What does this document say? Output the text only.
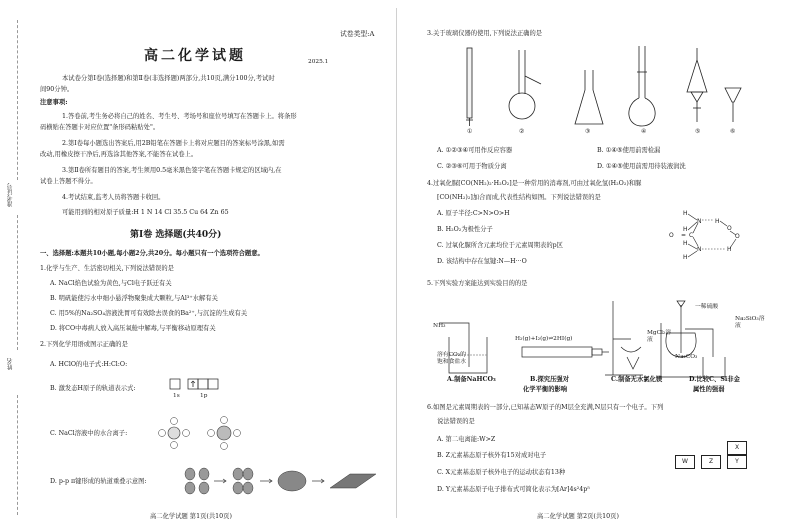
准考证号
姓名
试卷类型:A
高二化学试题	2025.1
本试卷分第Ⅰ卷(选择题)和第Ⅱ卷(非选择题)两部分,共10页,满分100分,考试时
间90分钟。
注意事项:
1.答卷前,考生务必将自己的姓名、考生号、考场号和座位号填写在答题卡上。将条形
码横贴在答题卡对应位置"条形码粘贴处"。
2.第Ⅰ卷每小题选出答案后,用2B铅笔在答题卡上将对应题目的答案标号涂黑,如需
改动,用橡皮擦干净后,再选涂其他答案,不能答在试卷上。
3.第Ⅱ卷所有题目的答案,考生须用0.5毫米黑色签字笔在答题卡规定的区域内,在
试卷上答题不得分。
4.考试结束,监考人员将答题卡收回。
可能用到的相对原子质量:H 1 N 14 Cl 35.5 Cu 64 Zn 65
第Ⅰ卷 选择题(共40分)
一、选择题:本题共10小题,每小题2分,共20分。每小题只有一个选项符合题意。
1.化学与生产、生活密切相关,下列说法错误的是
A. NaCl焰色试验为黄色,与Cl电子跃迁有关
B. 明矾能使污水中细小悬浮物聚集成大颗粒,与Al³⁺水解有关
C. 用5%的Na₂SO₄溶液洗胃可有效除去误食的Ba²⁺,与沉淀的生成有关
D. 将CO中毒病人放入高压氧舱中解毒,与平衡移动原理有关
2.下列化学用语或图示正确的是
A. HClO的电子式:H:Cl:O:
B. 激发态H原子的轨道表示式:
1s	1p
C. NaCl溶液中的水合离子:
D. p-p π键形成的轨道重叠示意图:
高二化学试题 第1页(共10页)
3.关于玻璃仪器的使用,下列说法正确的是
①	②	③	④	⑤	⑥
A. ①②③④可用作反应容器	B. ①④⑤使用前需检漏
C. ②③⑥可用于物质分离	D. ①④⑤使用前需用待装液润洗
4.过氧化脲[CO(NH₂)₂·H₂O₂]是一种常用的消毒剂,可由过氧化氢(H₂O₂)和脲
[CO(NH₂)₂]加合而成,代表性结构如图。下列说法错误的是
A. 原子半径:C>N>O>H
B. H₂O₂为极性分子
C. 过氧化脲所含元素均位于元素周期表的p区
D. 该结构中存在氢键:N—H···O
H
N
H
O = C
H
N
H
H
O
O
H
5.下列实验方案能达到实验目的的是
NH₃
溶有CO₂的饱和食盐水
H₂(g)+I₂(g)⇌2HI(g)
MgCl₂溶液
一稀硫酸
Na₂CO₃
Na₂SiO₃溶液
A.制备NaHCO₃	B.探究压强对
化学平衡的影响
C.制备无水氯化镁	D.比较C、Si非金
属性的强弱
6.如图是元素周期表的一部分,已知基态W原子的M层全充满,N层只有一个电子。下列
说法错误的是
A. 第二电离能:W>Z
B. Z元素基态原子核外有15对成对电子
C. X元素基态原子核外电子的运动状态有13种
D. Y元素基态原子电子排布式可简化表示为[Ar]4s²4p⁵
X
W	Z	Y
高二化学试题 第2页(共10页)
